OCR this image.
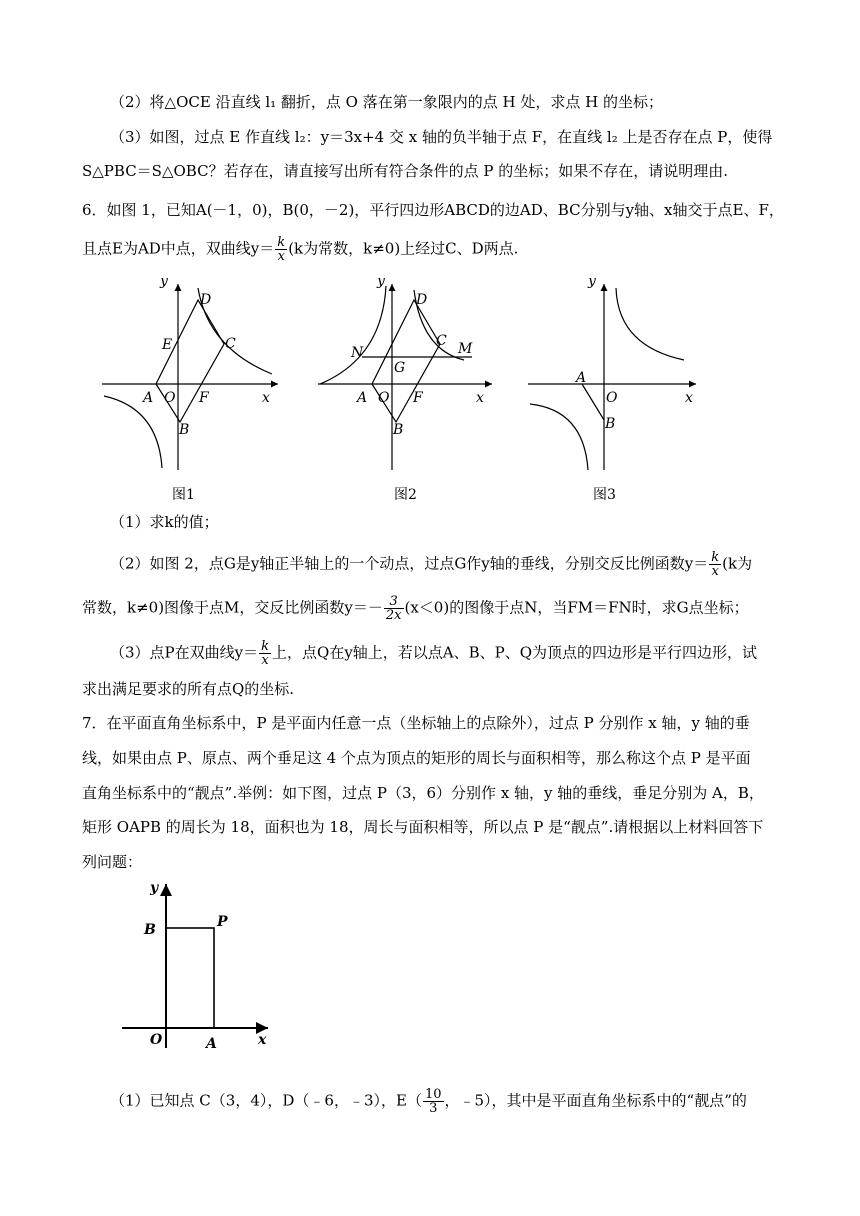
（2）将△OCE 沿直线 l₁ 翻折，点 O 落在第一象限内的点 H 处，求点 H 的坐标；
（3）如图，过点 E 作直线 l₂：y＝3x+4 交 x 轴的负半轴于点 F，在直线 l₂ 上是否存在点 P，使得
S△PBC＝S△OBC？若存在，请直接写出所有符合条件的点 P 的坐标；如果不存在，请说明理由.
6．如图 1，已知A(－1，0)，B(0，－2)，平行四边形ABCD的边AD、BC分别与y轴、x轴交于点E、F，
且点E为AD中点，双曲线$y= \frac{k}{x} (k$为常数，k≠0)上经过C、D两点.
y
D
E	C
A O F	x
B
y
D
N
G
C M
A O F	x
B
y
A
O	x
B
图1	图2	图3
（1）求k的值；
（2）如图 2，点G是y轴正半轴上的一个动点，过点G作y轴的垂线，分别交反比例函数$y= \frac{k}{x} (k$为
常数，k≠0)图像于点M，交反比例函数$y=- \frac{3}{2x} (x<0)$的图像于点N，当FM＝FN时，求G点坐标；
（3）点P在双曲线$y= \frac{k}{x}$ 上，点Q在y轴上，若以点A、B、P、Q为顶点的四边形是平行四边形，试
求出满足要求的所有点Q的坐标.
7．在平面直角坐标系中，P 是平面内任意一点（坐标轴上的点除外），过点 P 分别作 x 轴，y 轴的垂
线，如果由点 P、原点、两个垂足这 4 个点为顶点的矩形的周长与面积相等，那么称这个点 P 是平面
直角坐标系中的“靓点”.举例：如下图，过点 P（3，6）分别作 x 轴，y 轴的垂线，垂足分别为 A，B，
矩形 OAPB 的周长为 18，面积也为 18，周长与面积相等，所以点 P 是“靓点”.请根据以上材料回答下
列问题：
y
B	P
O	A	x
（1）已知点 C（3，4），D（﹣6，﹣3），$E( \frac{10}{3}$ ，﹣5），其中是平面直角坐标系中的“靓点”的
